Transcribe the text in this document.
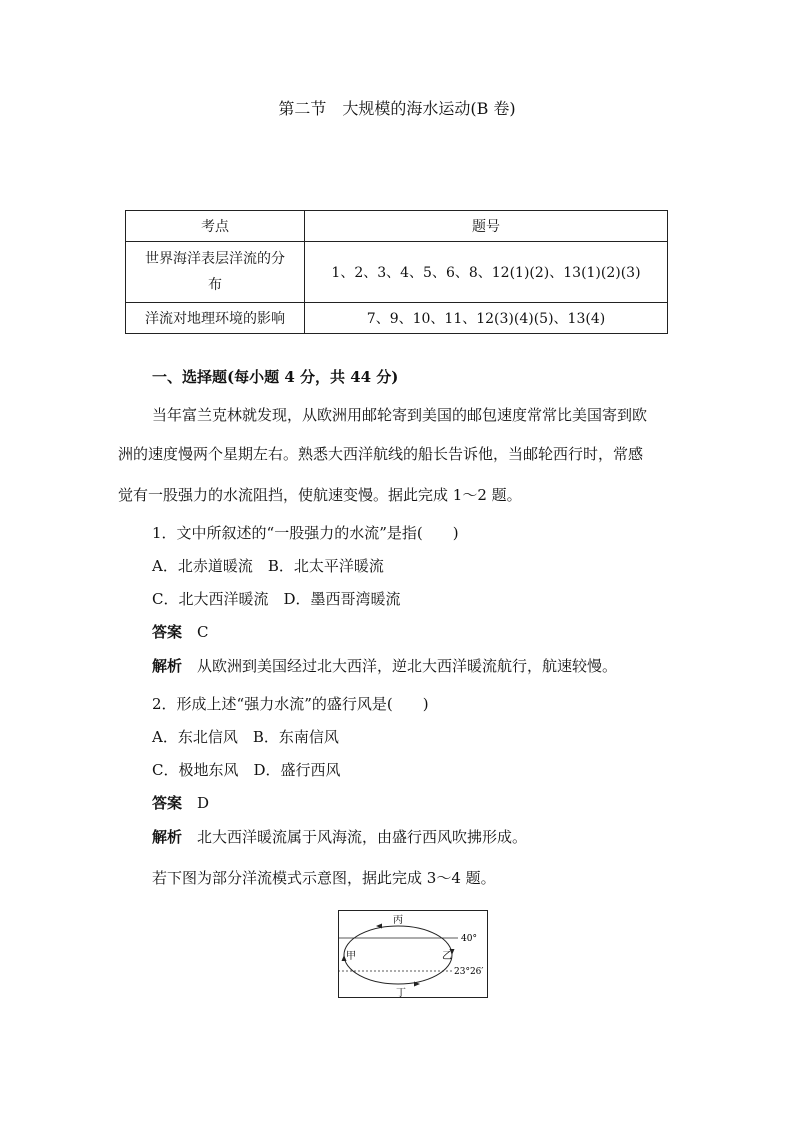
第二节　大规模的海水运动(B 卷)
考点	题号
世界海洋表层洋流的分
布	1、2、3、4、5、6、8、12(1)(2)、13(1)(2)(3)
洋流对地理环境的影响	7、9、10、11、12(3)(4)(5)、13(4)
一、选择题(每小题 4 分，共 44 分)
当年富兰克林就发现，从欧洲用邮轮寄到美国的邮包速度常常比美国寄到欧
洲的速度慢两个星期左右。熟悉大西洋航线的船长告诉他，当邮轮西行时，常感
觉有一股强力的水流阻挡，使航速变慢。据此完成 1～2 题。
1．文中所叙述的“一股强力的水流”是指(　　)
A．北赤道暖流　B．北太平洋暖流
C．北大西洋暖流　D．墨西哥湾暖流
答案　 C
解析　 从欧洲到美国经过北大西洋，逆北大西洋暖流航行，航速较慢。
2．形成上述“强力水流”的盛行风是(　　)
A．东北信风　B．东南信风
C．极地东风　D．盛行西风
答案　 D
解析　 北大西洋暖流属于风海流，由盛行西风吹拂形成。
若下图为部分洋流模式示意图，据此完成 3～4 题。
丙
丁
甲	乙
40°
23°26′
